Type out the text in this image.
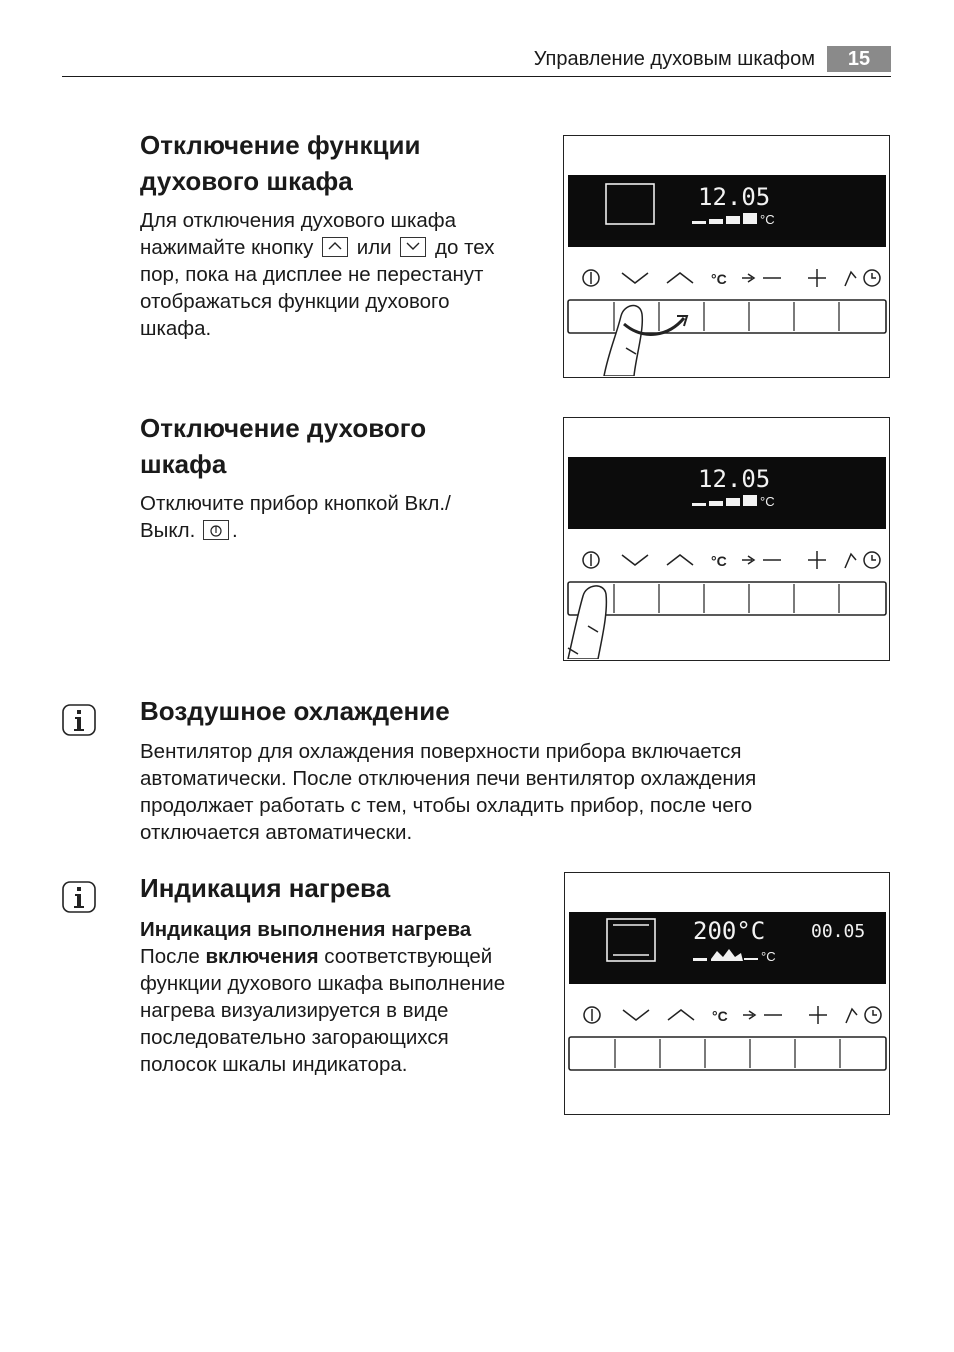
Управление духовым шкафом	15
Отключение функции
духового шкафа
Для отключения духового шкафа
нажимайте кнопку или до тех
пор, пока на дисплее не перестанут
отображаться функции духового
шкафа.
12.05
°C
°C
Отключение духового
шкафа
Отключите прибор кнопкой Вкл./
Выкл. .
12.05
°C
°C
Воздушное охлаждение
Вентилятор для охлаждения поверхности прибора включается
автоматически. После отключения печи вентилятор охлаждения
продолжает работать с тем, чтобы охладить прибор, после чего
отключается автоматически.
Индикация нагрева
Индикация выполнения нагрева
После включения соответствующей
функции духового шкафа выполнение
нагрева визуализируется в виде
последовательно загорающихся
полосок шкалы индикатора.
200°C	00.05
°C
°C
